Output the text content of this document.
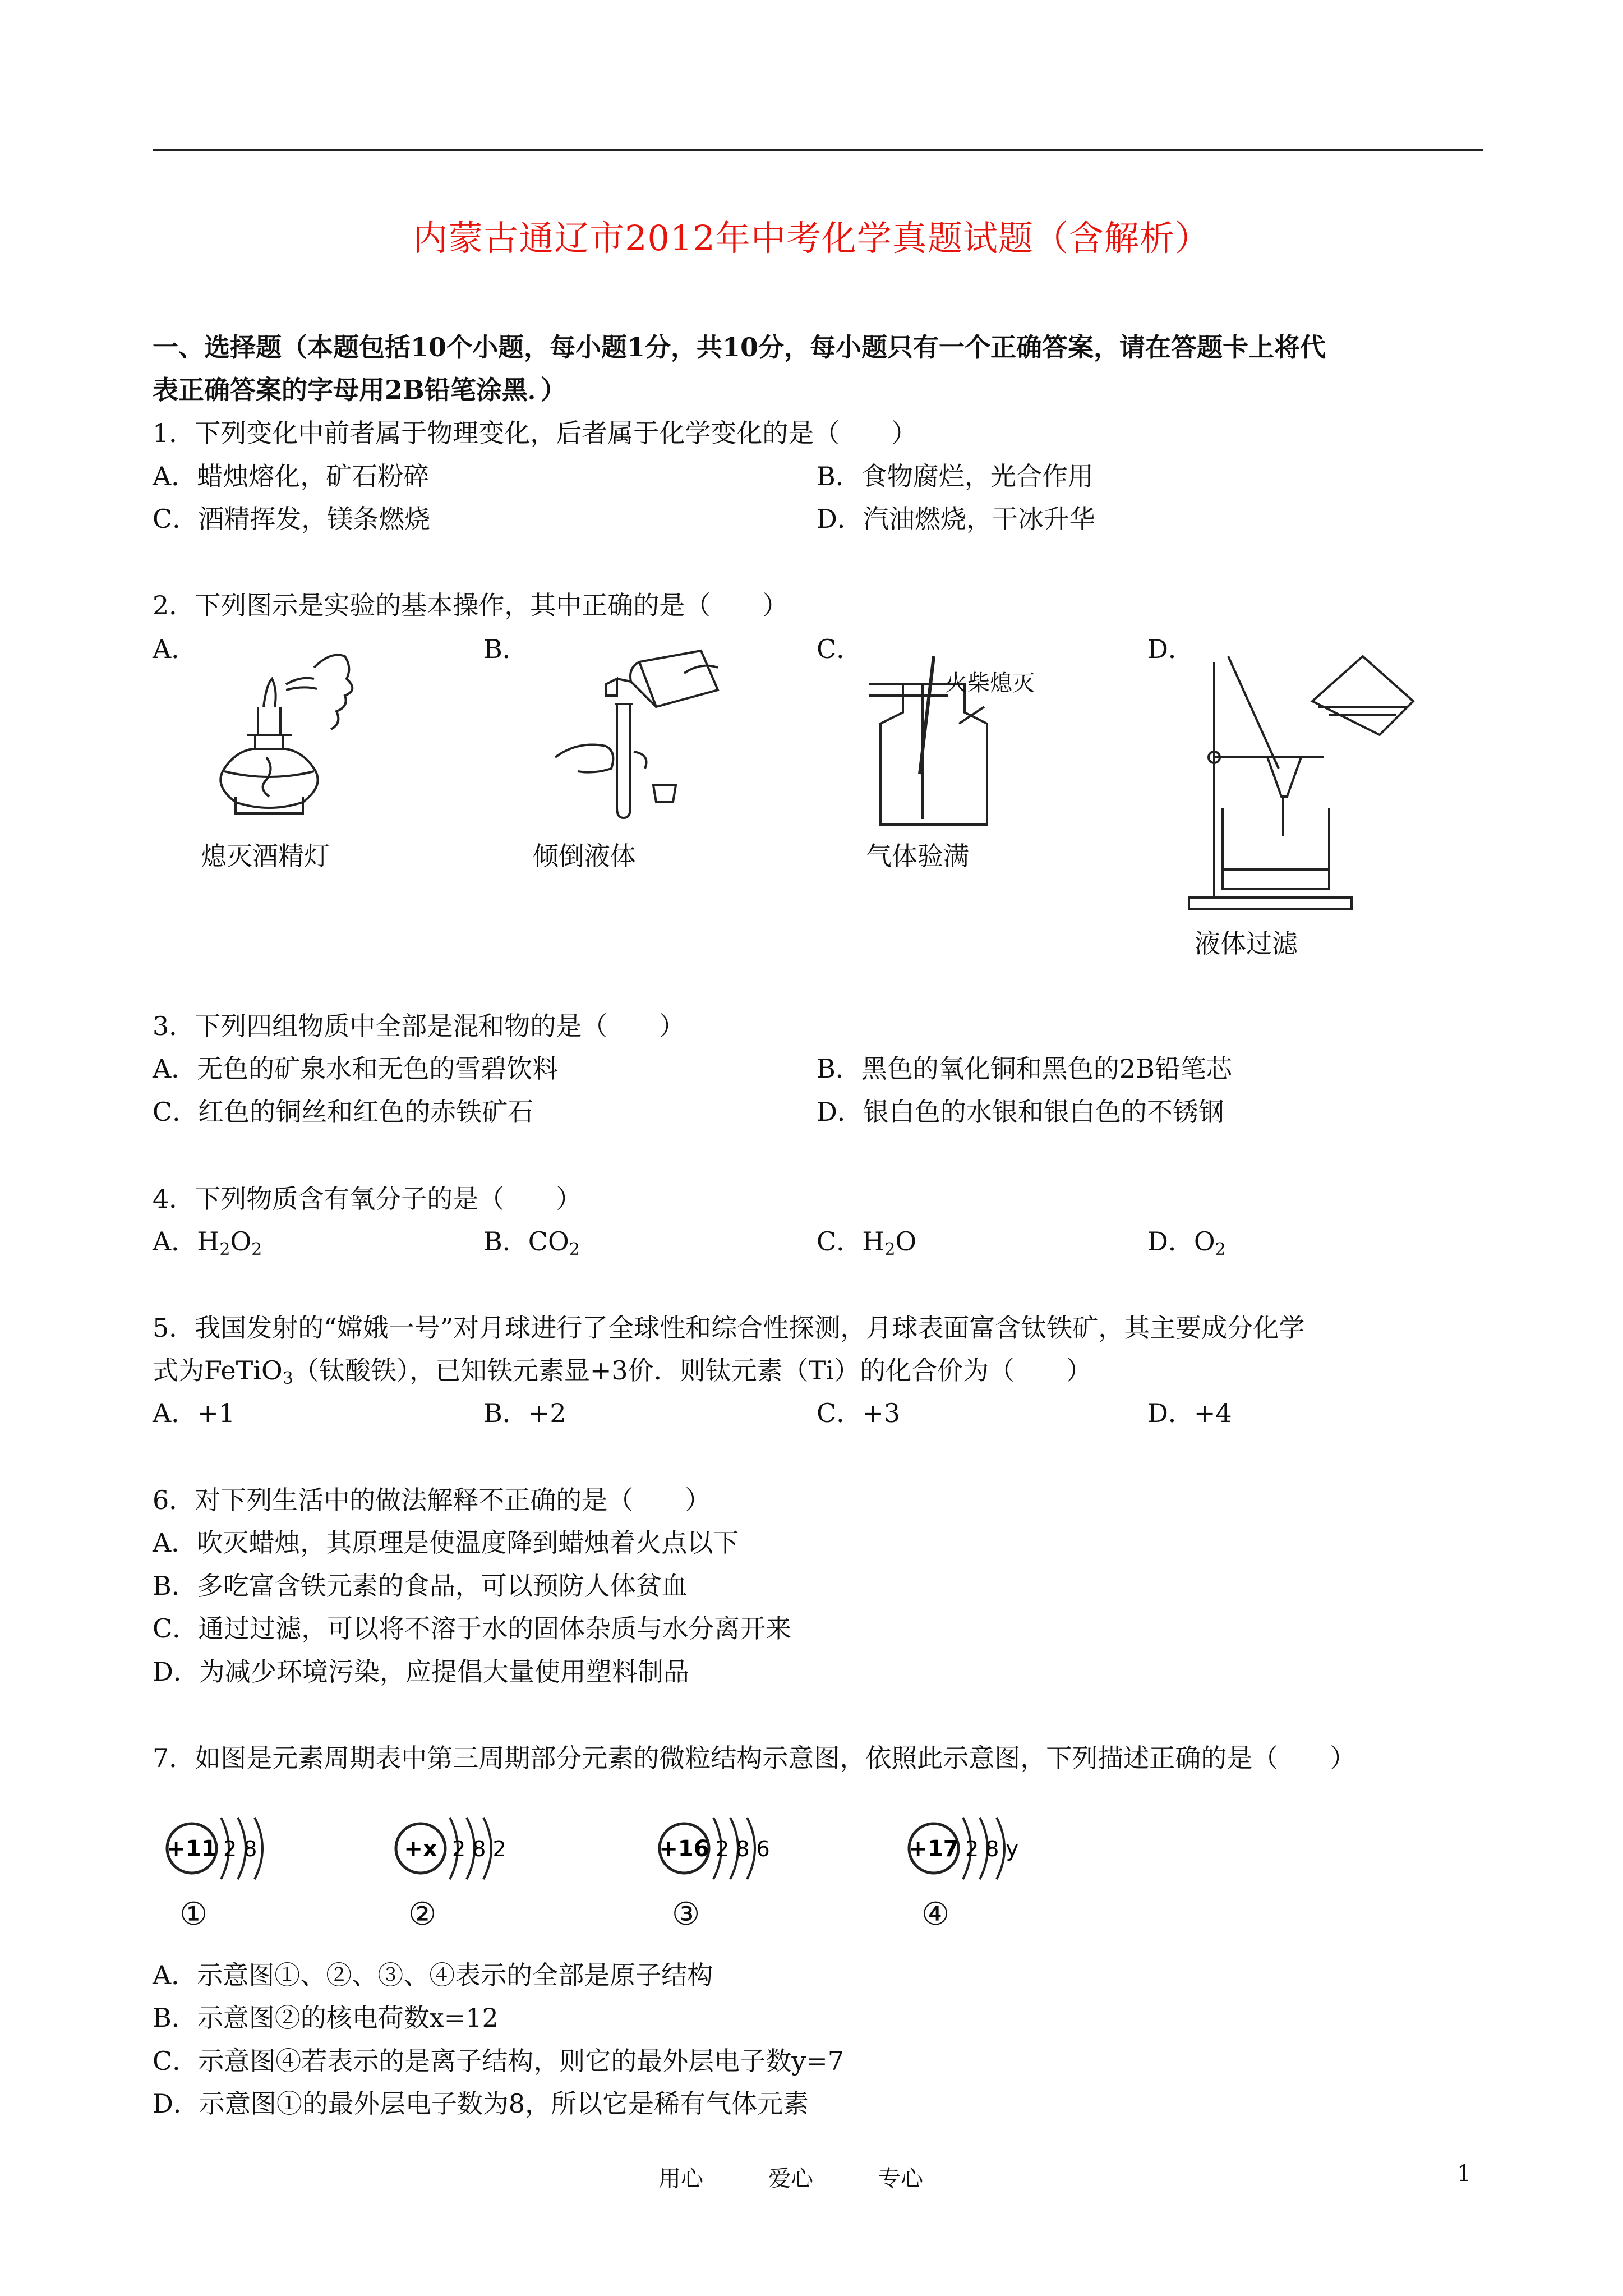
内蒙古通辽市2012年中考化学真题试题（含解析）
一、选择题（本题包括10个小题，每小题1分，共10分，每小题只有一个正确答案，请在答题卡上将代
表正确答案的字母用2B铅笔涂黑．）
1．下列变化中前者属于物理变化，后者属于化学变化的是（　　）
A．蜡烛熔化，矿石粉碎	B．食物腐烂，光合作用
C．酒精挥发，镁条燃烧	D．汽油燃烧，干冰升华
2．下列图示是实验的基本操作，其中正确的是（　　）
A．	B．	C．	D．
熄灭酒精灯	倾倒液体
火柴熄灭
气体验满
液体过滤
3．下列四组物质中全部是混和物的是（　　）
A．无色的矿泉水和无色的雪碧饮料	B．黑色的氧化铜和黑色的2B铅笔芯
C．红色的铜丝和红色的赤铁矿石	D．银白色的水银和银白色的不锈钢
4．下列物质含有氧分子的是（　　）
A．$H_2O_2$	B．$CO_2$	C．$H_2O$	D．$O_2$
5．我国发射的“嫦娥一号”对月球进行了全球性和综合性探测，月球表面富含钛铁矿，其主要成分化学
式为FeTiO$_3$（钛酸铁），已知铁元素显+3价．则钛元素（Ti）的化合价为（　　）
A．+1	B．+2	C．+3	D．+4
6．对下列生活中的做法解释不正确的是（　　）
A．吹灭蜡烛，其原理是使温度降到蜡烛着火点以下
B．多吃富含铁元素的食品，可以预防人体贫血
C．通过过滤，可以将不溶于水的固体杂质与水分离开来
D．为减少环境污染，应提倡大量使用塑料制品
7．如图是元素周期表中第三周期部分元素的微粒结构示意图，依照此示意图，下列描述正确的是（　　）
+11 2 8
①
+x 2 8 2
②
+16 2 8 6
③
+17 2 8 y
④
A．示意图①、②、③、④表示的全部是原子结构
B．示意图②的核电荷数x=12
C．示意图④若表示的是离子结构，则它的最外层电子数y=7
D．示意图①的最外层电子数为8，所以它是稀有气体元素
用心	爱心	专心	1
